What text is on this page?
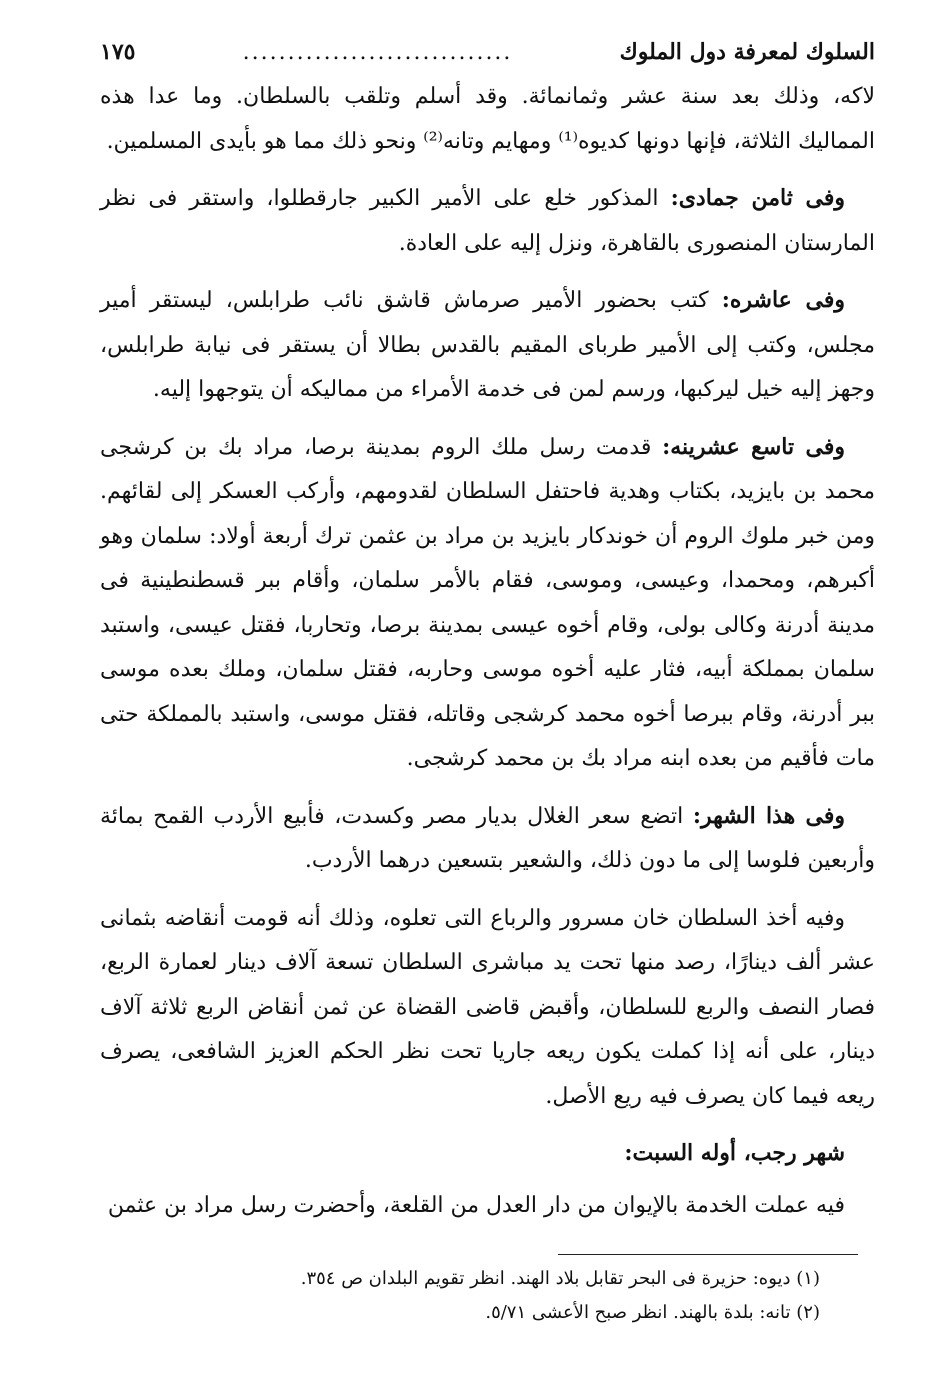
السلوك لمعرفة دول الملوك
..............................
١٧٥

لاكه، وذلك بعد سنة عشر وثمانمائة. وقد أسلم وتلقب بالسلطان. وما عدا هذه المماليك الثلاثة، فإنها دونها كديوه⁽¹⁾ ومهايم وتانه⁽²⁾ ونحو ذلك مما هو بأيدى المسلمين.

وفى ثامن جمادى: المذكور خلع على الأمير الكبير جارقطلوا، واستقر فى نظر المارستان المنصورى بالقاهرة، ونزل إليه على العادة.

وفى عاشره: كتب بحضور الأمير صرماش قاشق نائب طرابلس، ليستقر أمير مجلس، وكتب إلى الأمير طرباى المقيم بالقدس بطالا أن يستقر فى نيابة طرابلس، وجهز إليه خيل ليركبها، ورسم لمن فى خدمة الأمراء من مماليكه أن يتوجهوا إليه.

وفى تاسع عشرينه: قدمت رسل ملك الروم بمدينة برصا، مراد بك بن كرشجى محمد بن بايزيد، بكتاب وهدية فاحتفل السلطان لقدومهم، وأركب العسكر إلى لقائهم. ومن خبر ملوك الروم أن خوندكار بايزيد بن مراد بن عثمن ترك أربعة أولاد: سلمان وهو أكبرهم، ومحمدا، وعيسى، وموسى، فقام بالأمر سلمان، وأقام ببر قسطنطينية فى مدينة أدرنة وكالى بولى، وقام أخوه عيسى بمدينة برصا، وتحاربا، فقتل عيسى، واستبد سلمان بمملكة أبيه، فثار عليه أخوه موسى وحاربه، فقتل سلمان، وملك بعده موسى ببر أدرنة، وقام ببرصا أخوه محمد كرشجى وقاتله، فقتل موسى، واستبد بالمملكة حتى مات فأقيم من بعده ابنه مراد بك بن محمد كرشجى.

وفى هذا الشهر: اتضع سعر الغلال بديار مصر وكسدت، فأبيع الأردب القمح بمائة وأربعين فلوسا إلى ما دون ذلك، والشعير بتسعين درهما الأردب.

وفيه أخذ السلطان خان مسرور والرباع التى تعلوه، وذلك أنه قومت أنقاضه بثمانى عشر ألف دينارًا، رصد منها تحت يد مباشرى السلطان تسعة آلاف دينار لعمارة الربع، فصار النصف والربع للسلطان، وأقبض قاضى القضاة عن ثمن أنقاض الربع ثلاثة آلاف دينار، على أنه إذا كملت يكون ريعه جاريا تحت نظر الحكم العزيز الشافعى، يصرف ريعه فيما كان يصرف فيه ريع الأصل.

شهر رجب، أوله السبت:

فيه عملت الخدمة بالإيوان من دار العدل من القلعة، وأحضرت رسل مراد بن عثمن

(١) ديوه: حزيرة فى البحر تقابل بلاد الهند. انظر تقويم البلدان ص ٣٥٤.
(٢) تانه: بلدة بالهند. انظر صبح الأعشى ٥/٧١.
